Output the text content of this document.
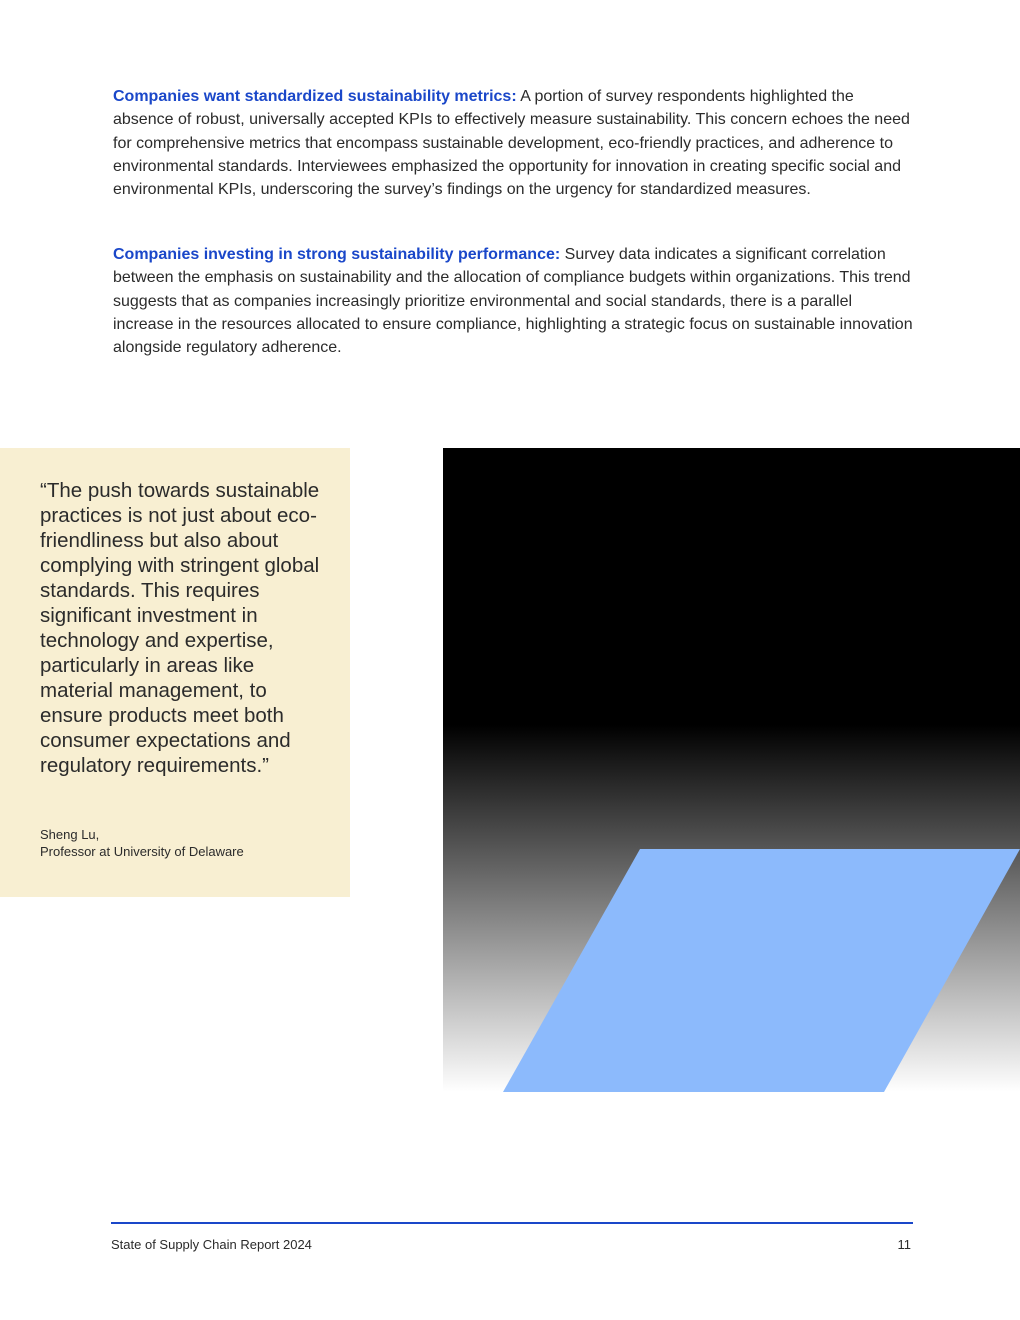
Companies want standardized sustainability metrics: A portion of survey respondents highlighted the absence of robust, universally accepted KPIs to effectively measure sustainability. This concern echoes the need for comprehensive metrics that encompass sustainable development, eco-friendly practices, and adherence to environmental standards. Interviewees emphasized the opportunity for innovation in creating specific social and environmental KPIs, underscoring the survey’s findings on the urgency for standardized measures.

Companies investing in strong sustainability performance: Survey data indicates a significant correlation between the emphasis on sustainability and the allocation of compliance budgets within organizations. This trend suggests that as companies increasingly prioritize environmental and social standards, there is a parallel increase in the resources allocated to ensure compliance, highlighting a strategic focus on sustainable innovation alongside regulatory adherence.

“The push towards sustainable practices is not just about eco-friendliness but also about complying with stringent global standards. This requires significant investment in technology and expertise, particularly in areas like material management, to ensure products meet both consumer expectations and regulatory requirements.”

Sheng Lu,
Professor at University of Delaware
State of Supply Chain Report 2024	11
